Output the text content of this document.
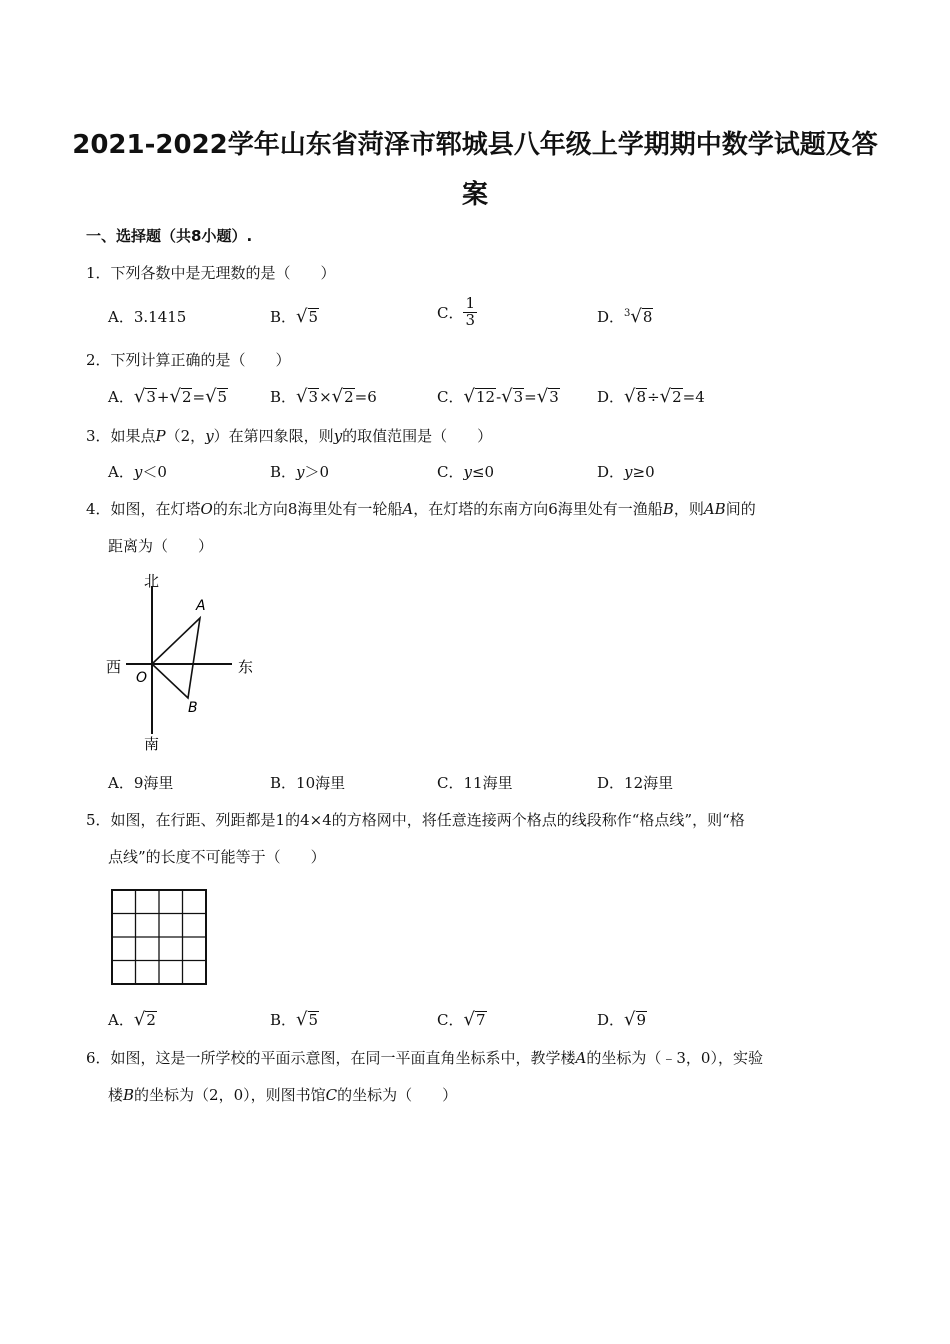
2021-2022学年山东省菏泽市郓城县八年级上学期期中数学试题及答
案
一、选择题（共8小题）.
1．下列各数中是无理数的是（　　）
A．3.1415	B．√5	C． $\frac{1}{3}$	D．$^3$√8
2．下列计算正确的是（　　）
A．√3+√2=√5	B．√3×√2=6	C．√12-√3=√3	D．√8÷√2=4
3．如果点P（2，y）在第四象限，则y的取值范围是（　　）
A．y＜0	B．y＞0	C．y≤0	D．y≥0
4．如图，在灯塔O的东北方向8海里处有一轮船A，在灯塔的东南方向6海里处有一渔船B，则AB间的
距离为（　　）
北
南
西	东
O
A
B
A．9海里	B．10海里	C．11海里	D．12海里
5．如图，在行距、列距都是1的4×4的方格网中，将任意连接两个格点的线段称作“格点线”，则“格
点线”的长度不可能等于（　　）
A．√2	B．√5	C．√7	D．√9
6．如图，这是一所学校的平面示意图，在同一平面直角坐标系中，教学楼A的坐标为（﹣3，0），实验
楼B的坐标为（2，0），则图书馆C的坐标为（　　）
